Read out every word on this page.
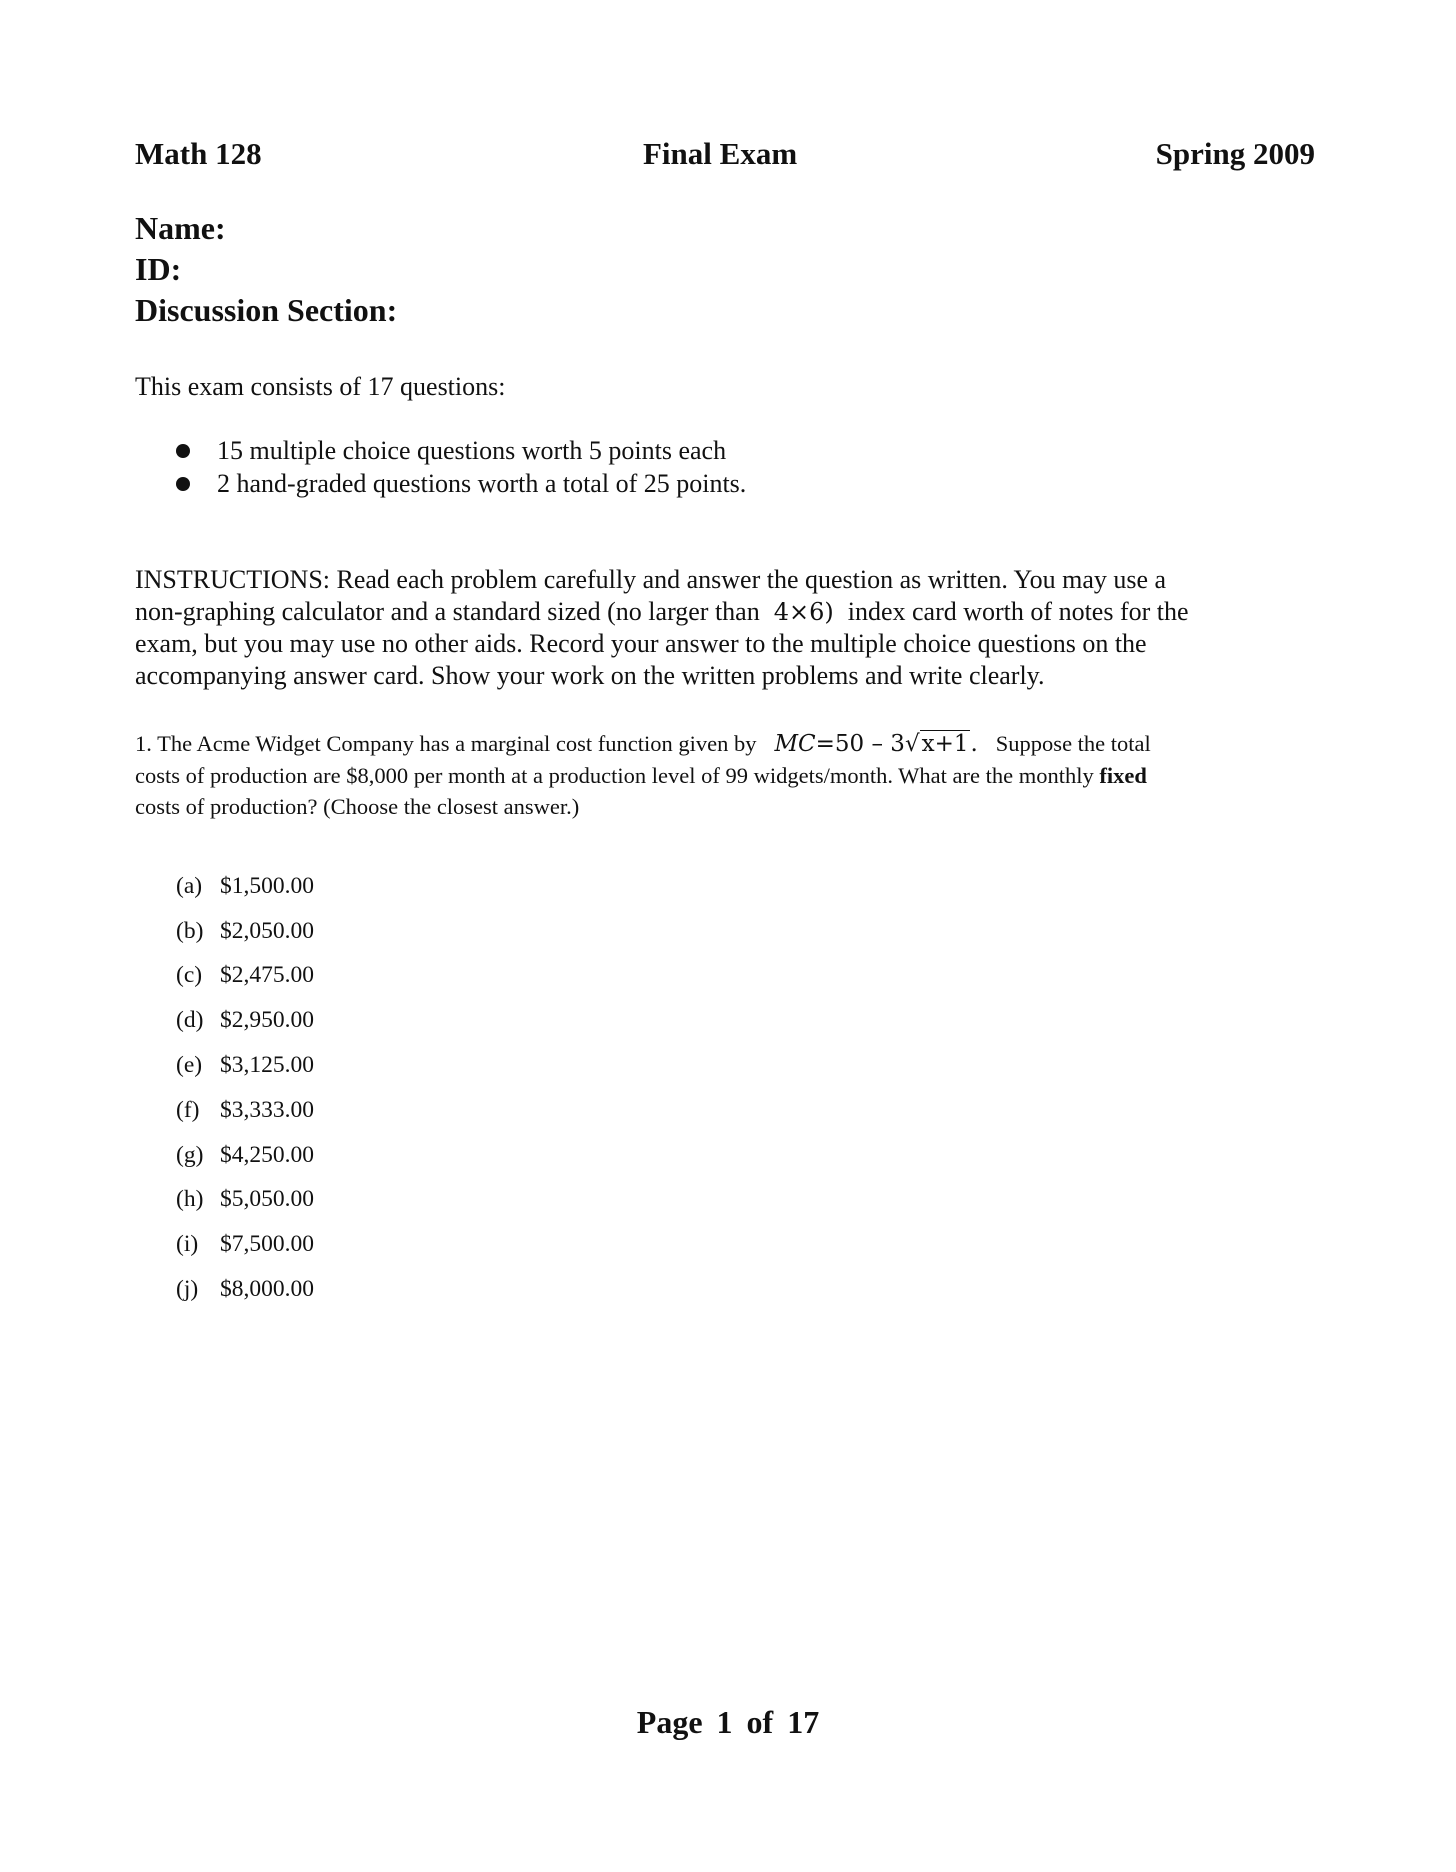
Math 128	Final Exam	Spring 2009
Name:
ID:
Discussion Section:
This exam consists of 17 questions:
15 multiple choice questions worth 5 points each
2 hand-graded questions worth a total of 25 points.
INSTRUCTIONS: Read each problem carefully and answer the question as written. You may use a
non-graphing calculator and a standard sized (no larger than 4×6) index card worth of notes for the
exam, but you may use no other aids. Record your answer to the multiple choice questions on the
accompanying answer card. Show your work on the written problems and write clearly.
1. The Acme Widget Company has a marginal cost function given by MC=50 – 3√x+1. Suppose the total
costs of production are $8,000 per month at a production level of 99 widgets/month. What are the monthly fixed
costs of production? (Choose the closest answer.)
(a) $1,500.00
(b) $2,050.00
(c) $2,475.00
(d) $2,950.00
(e) $3,125.00
(f) $3,333.00
(g) $4,250.00
(h) $5,050.00
(i) $7,500.00
(j) $8,000.00
Page 1 of 17
